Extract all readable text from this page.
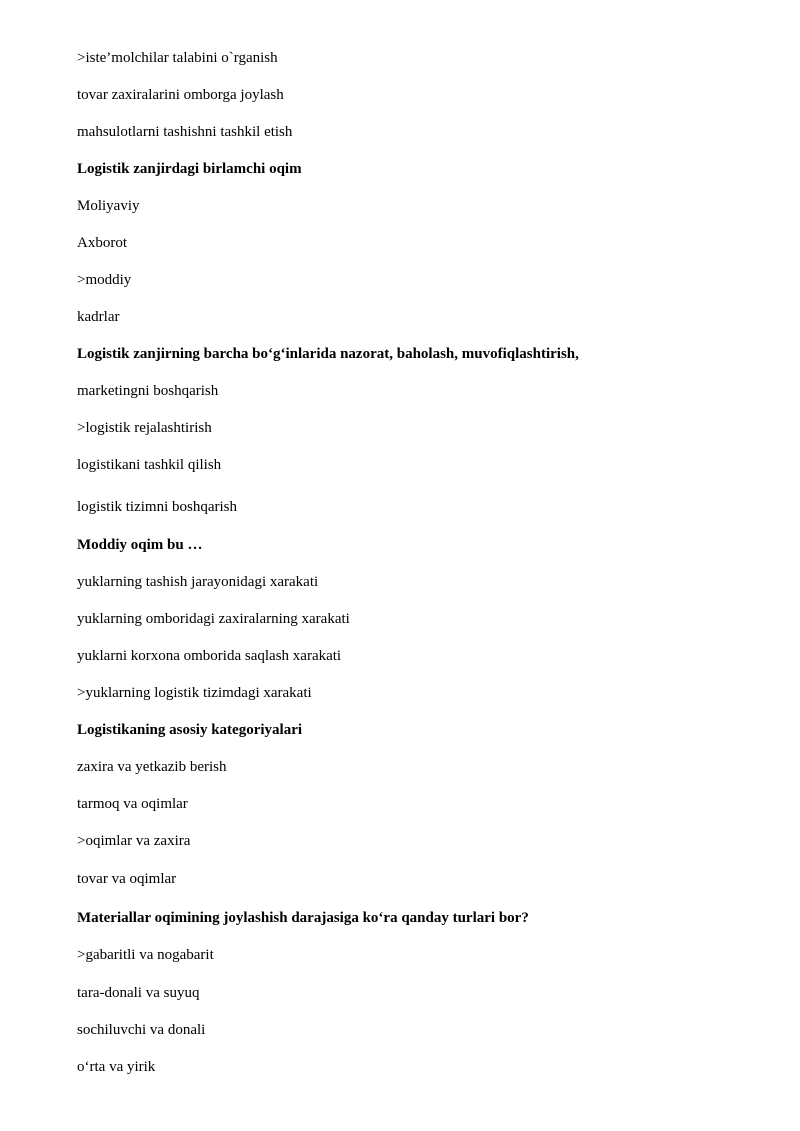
>iste’molchilar talabini o`rganish
tovar zaxiralarini omborga joylash
mahsulotlarni tashishni tashkil etish
Logistik zanjirdagi birlamchi oqim
Moliyaviy
Axborot
>moddiy
kadrlar
Logistik zanjirning barcha bo‘g‘inlarida nazorat, baholash, muvofiqlashtirish,
marketingni boshqarish
>logistik rejalashtirish
logistikani tashkil qilish
logistik tizimni boshqarish
Moddiy oqim bu …
yuklarning tashish jarayonidagi xarakati
yuklarning omboridagi zaxiralarning xarakati
yuklarni korxona omborida saqlash xarakati
>yuklarning logistik tizimdagi xarakati
Logistikaning asosiy kategoriyalari
zaxira va yetkazib berish
tarmoq va oqimlar
>oqimlar va zaxira
tovar va oqimlar
Materiallar oqimining joylashish darajasiga ko‘ra qanday turlari bor?
>gabaritli va nogabarit
tara-donali va suyuq
sochiluvchi va donali
o‘rta va yirik
